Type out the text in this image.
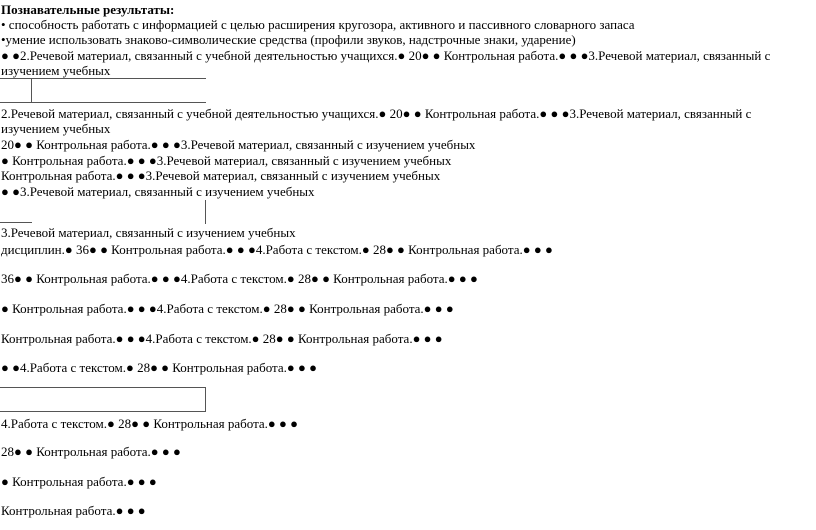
Познавательные результаты:
• способность работать с информацией с целью расширения кругозора, активного и пассивного словарного запаса
•умение использовать знаково-символические средства (профили звуков, надстрочные знаки, ударение)
● ●2.Речевой материал, связанный с учебной деятельностью учащихся.● 20● ● Контрольная работа.● ● ●3.Речевой материал, связанный с
изучением учебных
2.Речевой материал, связанный с учебной деятельностью учащихся.● 20● ● Контрольная работа.● ● ●3.Речевой материал, связанный с
изучением учебных
20● ● Контрольная работа.● ● ●3.Речевой материал, связанный с изучением учебных
● Контрольная работа.● ● ●3.Речевой материал, связанный с изучением учебных
Контрольная работа.● ● ●3.Речевой материал, связанный с изучением учебных
● ●3.Речевой материал, связанный с изучением учебных
3.Речевой материал, связанный с изучением учебных
дисциплин.● 36● ● Контрольная работа.● ● ●4.Работа с текстом.● 28● ● Контрольная работа.● ● ●
36● ● Контрольная работа.● ● ●4.Работа с текстом.● 28● ● Контрольная работа.● ● ●
● Контрольная работа.● ● ●4.Работа с текстом.● 28● ● Контрольная работа.● ● ●
Контрольная работа.● ● ●4.Работа с текстом.● 28● ● Контрольная работа.● ● ●
● ●4.Работа с текстом.● 28● ● Контрольная работа.● ● ●
4.Работа с текстом.● 28● ● Контрольная работа.● ● ●
28● ● Контрольная работа.● ● ●
● Контрольная работа.● ● ●
Контрольная работа.● ● ●
